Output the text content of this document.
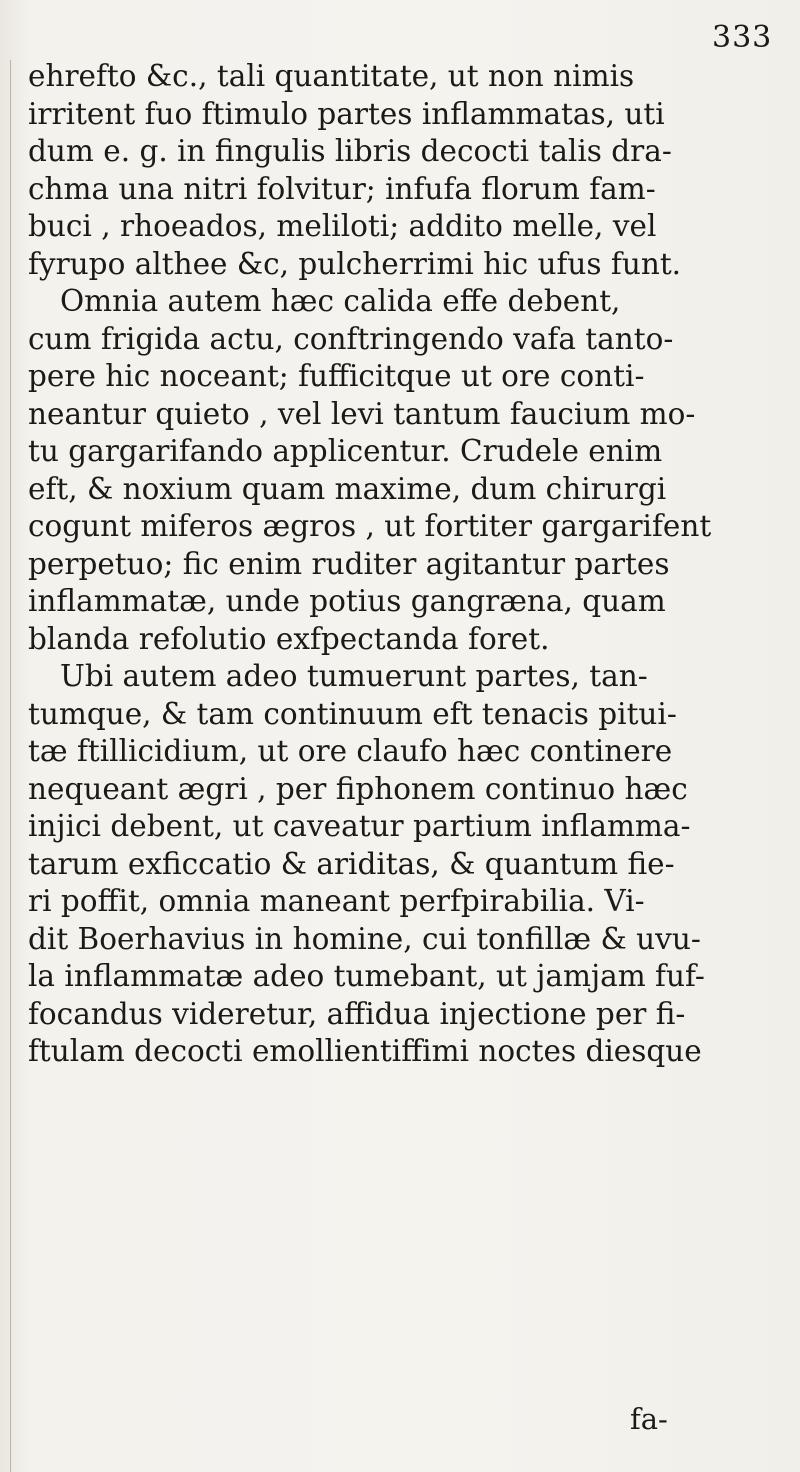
333
ehrefto &c., tali quantitate, ut non nimis
irritent fuo ftimulo partes inflammatas, uti
dum e. g. in fingulis libris decocti talis dra-
chma una nitri folvitur; infufa florum fam-
buci , rhoeados, meliloti; addito melle, vel
fyrupo althee &c, pulcherrimi hic ufus funt.
Omnia autem hæc calida effe debent,
cum frigida actu, conftringendo vafa tanto-
pere hic noceant; fufficitque ut ore conti-
neantur quieto , vel levi tantum faucium mo-
tu gargarifando applicentur. Crudele enim
eft, & noxium quam maxime, dum chirurgi
cogunt miferos ægros , ut fortiter gargarifent
perpetuo; fic enim ruditer agitantur partes
inflammatæ, unde potius gangræna, quam
blanda refolutio exfpectanda foret.
Ubi autem adeo tumuerunt partes, tan-
tumque, & tam continuum eft tenacis pitui-
tæ ftillicidium, ut ore claufo hæc continere
nequeant ægri , per fiphonem continuo hæc
injici debent, ut caveatur partium inflamma-
tarum exficcatio & ariditas, & quantum fie-
ri poffit, omnia maneant perfpirabilia. Vi-
dit Boerhavius in homine, cui tonfillæ & uvu-
la inflammatæ adeo tumebant, ut jamjam fuf-
focandus videretur, affidua injectione per fi-
ftulam decocti emollientiffimi noctes diesque
fa-
